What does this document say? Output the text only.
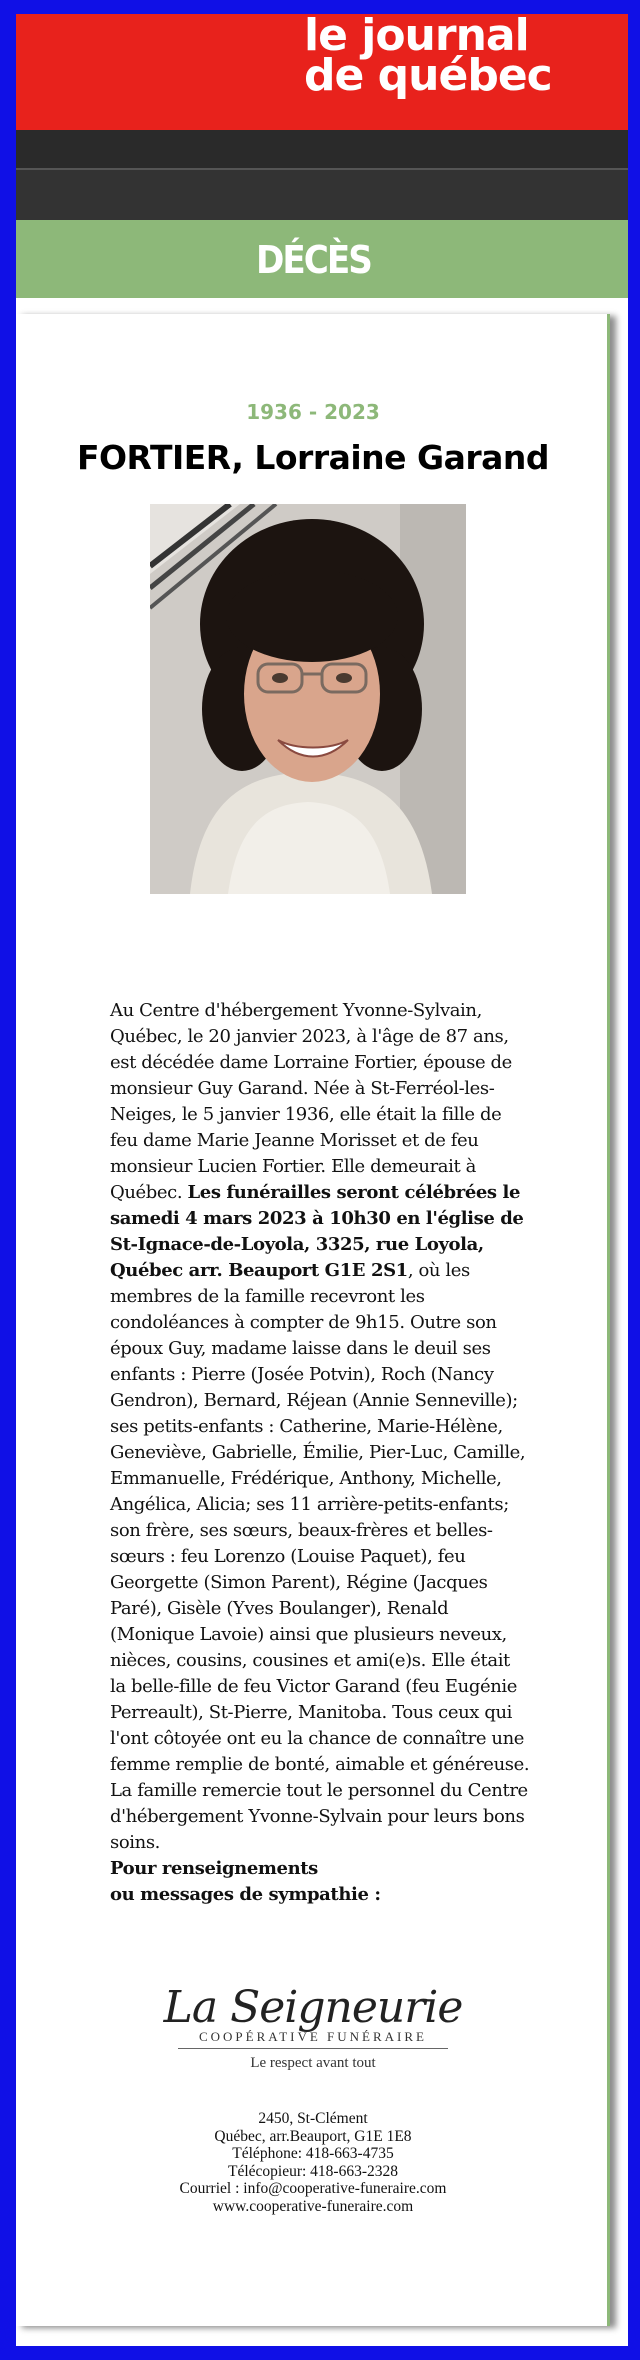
le journal
de québec
DÉCÈS
1936 - 2023
FORTIER, Lorraine Garand
Au Centre d'hébergement Yvonne-Sylvain, Québec, le 20 janvier 2023, à l'âge de 87 ans, est décédée dame Lorraine Fortier, épouse de monsieur Guy Garand. Née à St-Ferréol-les-Neiges, le 5 janvier 1936, elle était la fille de feu dame Marie Jeanne Morisset et de feu monsieur Lucien Fortier. Elle demeurait à Québec. Les funérailles seront célébrées le samedi 4 mars 2023 à 10h30 en l'église de St-Ignace-de-Loyola, 3325, rue Loyola, Québec arr. Beauport G1E 2S1, où les membres de la famille recevront les condoléances à compter de 9h15. Outre son époux Guy, madame laisse dans le deuil ses enfants : Pierre (Josée Potvin), Roch (Nancy Gendron), Bernard, Réjean (Annie Senneville); ses petits-enfants : Catherine, Marie-Hélène, Geneviève, Gabrielle, Émilie, Pier-Luc, Camille, Emmanuelle, Frédérique, Anthony, Michelle, Angélica, Alicia; ses 11 arrière-petits-enfants; son frère, ses sœurs, beaux-frères et belles-sœurs : feu Lorenzo (Louise Paquet), feu Georgette (Simon Parent), Régine (Jacques Paré), Gisèle (Yves Boulanger), Renald (Monique Lavoie) ainsi que plusieurs neveux, nièces, cousins, cousines et ami(e)s. Elle était la belle-fille de feu Victor Garand (feu Eugénie Perreault), St-Pierre, Manitoba. Tous ceux qui l'ont côtoyée ont eu la chance de connaître une femme remplie de bonté, aimable et généreuse. La famille remercie tout le personnel du Centre d'hébergement Yvonne-Sylvain pour leurs bons soins.
Pour renseignements
ou messages de sympathie :
La Seigneurie
COOPÉRATIVE FUNÉRAIRE
Le respect avant tout
2450, St-Clément
Québec, arr.Beauport, G1E 1E8
Téléphone: 418-663-4735
Télécopieur: 418-663-2328
Courriel : info@cooperative-funeraire.com
www.cooperative-funeraire.com
